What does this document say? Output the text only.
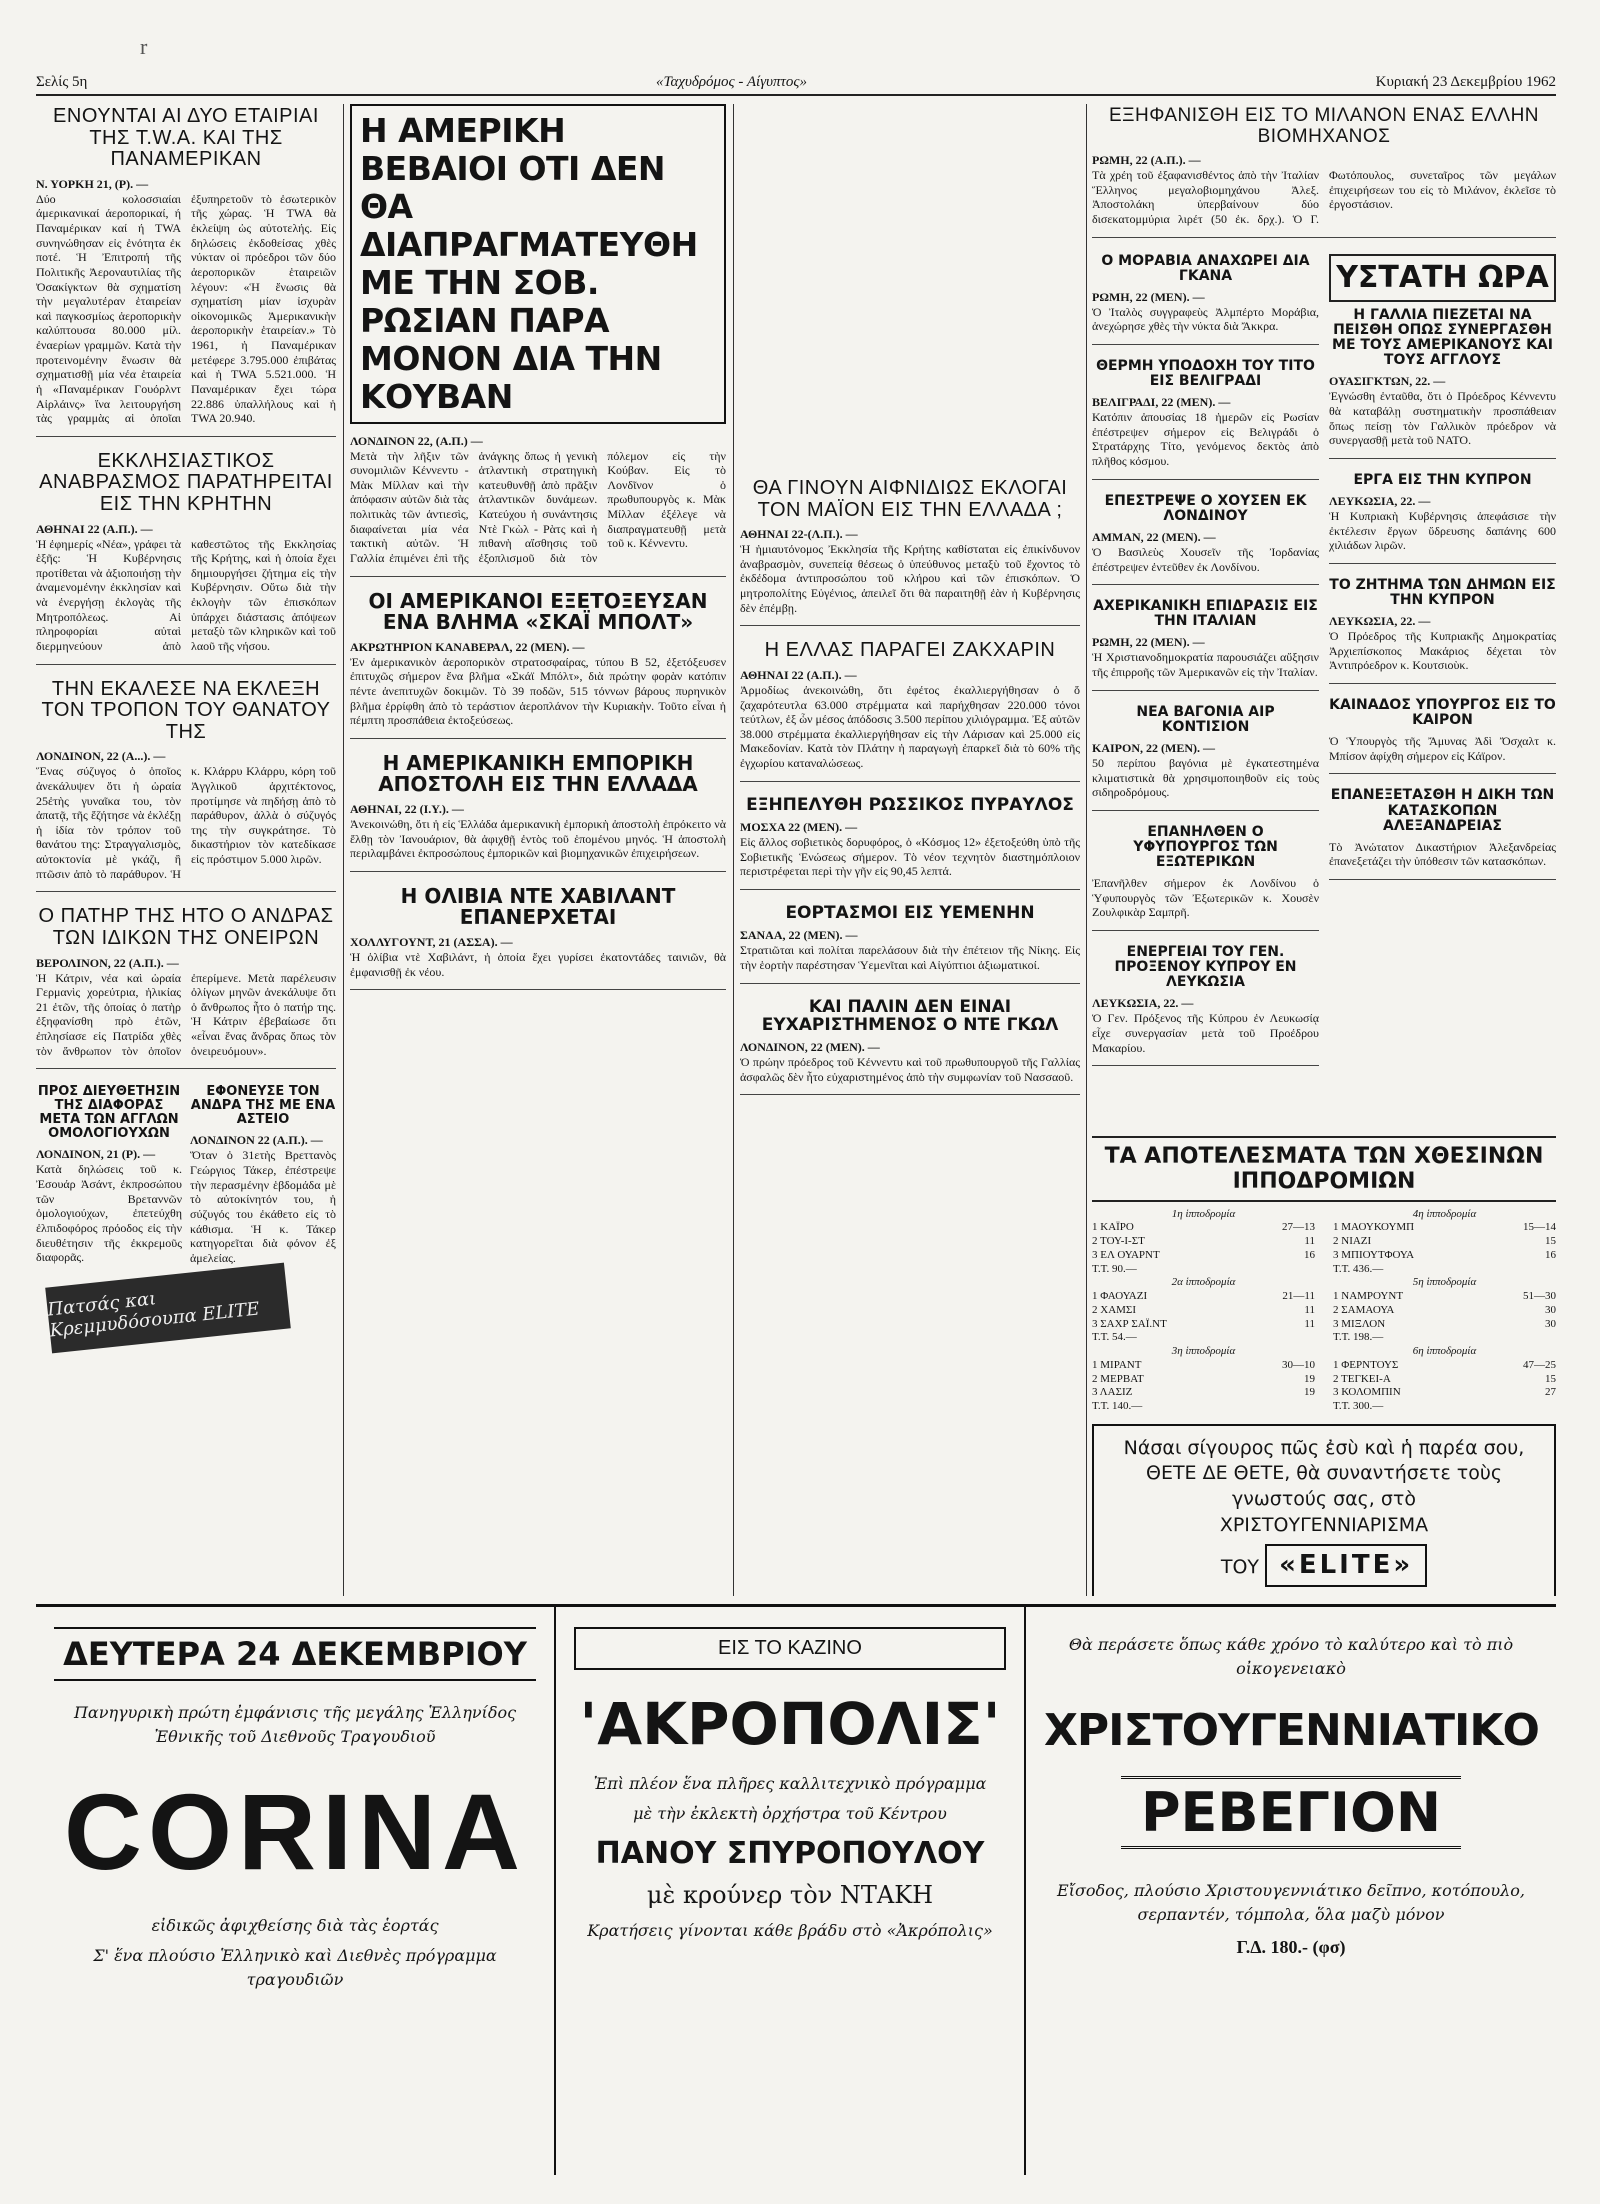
r
Σελίς 5η	«Ταχυδρόμος - Αίγυπτος»	Κυριακή 23 Δεκεμβρίου 1962
ΕΝΟΥΝΤΑΙ ΑΙ ΔΥΟ ΕΤΑΙΡΙΑΙ ΤΗΣ T.W.A. ΚΑΙ ΤΗΣ ΠΑΝΑΜΕΡΙΚΑΝ
Ν. ΥΟΡΚΗ 21, (Ρ). —
Δύο κολοσσιαίαι άμερικανικαί άεροπορικαί, ή Παναμέρικαν καί ή TWA συνηνώθησαν εἰς ἑνότητα ἐκ ποτέ. Ἡ Ἐπιτροπή τῆς Πολιτικῆς Ἀεροναυτιλίας τῆς Ὀσακίγκτων θὰ σχηματίση τὴν μεγαλυτέραν ἑταιρείαν καὶ παγκοσμίως ἀεροπορικὴν καλύπτουσα 80.000 μίλ. ἐναερίων γραμμῶν. Κατὰ τὴν προτεινομένην ἕνωσιν θὰ σχηματισθῇ μία νέα ἑταιρεία ἡ «Παναμέρικαν Γουόρλντ Αἰρλάινς» ἵνα λειτουργήση τὰς γραμμὰς αἱ ὁποῖαι ἐξυπηρετοῦν τὸ ἐσωτερικὸν τῆς χώρας. Ἡ TWA θὰ ἐκλείψη ὡς αὐτοτελής. Εἰς δηλώσεις ἐκδοθείσας χθὲς νύκταν οἱ πρόεδροι τῶν δύο ἀεροπορικῶν ἑταιρειῶν λέγουν: «Ἡ ἕνωσις θὰ σχηματίση μίαν ἰσχυρὰν οἰκονομικῶς Ἀμερικανικὴν ἀεροπορικὴν ἑταιρείαν.» Τὸ 1961, ἡ Παναμέρικαν μετέφερε 3.795.000 ἐπιβάτας καὶ ἡ TWA 5.521.000. Ἡ Παναμέρικαν ἔχει τώρα 22.886 ὑπαλλήλους καὶ ἡ TWA 20.940.
ΕΚΚΛΗΣΙΑΣΤΙΚΟΣ ΑΝΑΒΡΑΣΜΟΣ ΠΑΡΑΤΗΡΕΙΤΑΙ ΕΙΣ ΤΗΝ ΚΡΗΤΗΝ
ΑΘΗΝΑΙ 22 (Α.Π.). —
Ἡ ἐφημερίς «Νέα», γράφει τὰ ἑξῆς: Ἡ Κυβέρνησις προτίθεται νὰ ἀξιοποιήσῃ τὴν ἀναμενομένην ἐκκλησίαν καὶ νὰ ἐνεργήσῃ ἐκλογὰς τῆς Μητροπόλεως. Αἱ πληροφορίαι αὐταὶ διερμηνεύουν ἀπὸ καθεστῶτος τῆς Εκκλησίας τῆς Κρήτης, καὶ ἡ ὁποία ἔχει δημιουργήσει ζήτημα εἰς τὴν Κυβέρνησιν. Οὕτω διὰ τὴν ἐκλογὴν τῶν ἐπισκόπων ὑπάρχει διάστασις ἀπόψεων μεταξὺ τῶν κληρικῶν καὶ τοῦ λαοῦ τῆς νήσου.
ΤΗΝ ΕΚΑΛΕΣΕ ΝΑ ΕΚΛΕΞΗ ΤΟΝ ΤΡΟΠΟΝ ΤΟΥ ΘΑΝΑΤΟΥ ΤΗΣ
ΛΟΝΔΙΝΟΝ, 22 (Α...). —
Ἕνας σύζυγος ὁ ὁποῖος ἀνεκάλυψεν ὅτι ἡ ὡραία 25ἐτὴς γυναῖκα του, τὸν ἀπατᾷ, τῆς ἔζήτησε νὰ ἐκλέξῃ ἡ ἰδία τὸν τρόπον τοῦ θανάτου της: Στραγγαλισμὸς, αὐτοκτονία μὲ γκάζι, ἢ πτῶσιν ἀπὸ τὸ παράθυρον. Ἡ κ. Κλάρρυ Κλάρρυ, κόρη τοῦ Ἀγγλικοῦ ἀρχιτέκτονος, προτίμησε νὰ πηδήσῃ ἀπὸ τὸ παράθυρον, ἀλλὰ ὁ σύζυγός της τὴν συγκράτησε. Τὸ δικαστήριον τὸν κατεδίκασε εἰς πρόστιμον 5.000 λιρῶν.
Ο ΠΑΤΗΡ ΤΗΣ ΗΤΟ Ο ΑΝΔΡΑΣ ΤΩΝ ΙΔΙΚΩΝ ΤΗΣ ΟΝΕΙΡΩΝ
ΒΕΡΟΛΙΝΟΝ, 22 (Α.Π.). —
Ἡ Κάτριν, νέα καὶ ὡραία Γερμανὶς χορεύτρια, ἡλικίας 21 ἐτῶν, τῆς ὁποίας ὁ πατὴρ ἐξηφανίσθη πρὸ ἐτῶν, ἐπλησίασε εἰς Πατρίδα χθὲς τὸν ἄνθρωπον τὸν ὁποῖον ἐπερίμενε. Μετὰ παρέλευσιν ὀλίγων μηνῶν ἀνεκάλυψε ὅτι ὁ ἄνθρωπος ἦτο ὁ πατήρ της. Ἡ Κάτριν ἐβεβαίωσε ὅτι «εἶναι ἕνας ἄνδρας ὅπως τὸν ὀνειρευόμουν».
ΠΡΟΣ ΔΙΕΥΘΕΤΗΣΙΝ ΤΗΣ ΔΙΑΦΟΡΑΣ ΜΕΤΑ ΤΩΝ ΑΓΓΛΩΝ ΟΜΟΛΟΓΙΟΥΧΩΝ
ΛΟΝΔΙΝΟΝ, 21 (Ρ). —
Κατὰ δηλώσεις τοῦ κ. Ἐσουάρ Ἀσάντ, ἐκπροσώπου τῶν Βρεταννῶν ὁμολογιούχων, ἐπετεύχθη ἐλπιδοφόρος πρόοδος εἰς τὴν διευθέτησιν τῆς ἐκκρεμοῦς διαφορᾶς.
ΕΦΟΝΕΥΣΕ ΤΟΝ ΑΝΔΡΑ ΤΗΣ ΜΕ ΕΝΑ ΑΣΤΕΙΟ
ΛΟΝΔΙΝΟΝ 22 (Α.Π.). —
Ὅταν ὁ 31ετὴς Βρεττανὸς Γεώργιος Τάκερ, ἐπέστρεψε τὴν περασμένην ἑβδομάδα μὲ τὸ αὐτοκίνητόν του, ἡ σύζυγός του ἐκάθετο εἰς τὸ κάθισμα. Ἡ κ. Τάκερ κατηγορεῖται διὰ φόνον ἐξ ἀμελείας.
Πατσάς και Κρεμμυδόσουπα ELITE
Η ΑΜΕΡΙΚΗ ΒΕΒΑΙΟΙ ΟΤΙ ΔΕΝ ΘΑ ΔΙΑΠΡΑΓΜΑΤΕΥΘΗ ΜΕ ΤΗΝ ΣΟΒ. ΡΩΣΙΑΝ ΠΑΡΑ ΜΟΝΟΝ ΔΙΑ ΤΗΝ ΚΟΥΒΑΝ
ΛΟΝΔΙΝΟΝ 22, (Α.Π.) —
Μετὰ τὴν λῆξιν τῶν συνομιλιῶν Κέννεντυ - Μὰκ Μίλλαν καὶ τὴν ἀπόφασιν αὐτῶν διὰ τὰς πολιτικὰς τῶν ἀντιεσὶς, διαφαίνεται μία νέα τακτικὴ αὐτῶν. Ἡ Γαλλία ἐπιμένει ἐπὶ τῆς ἀνάγκης ὅπως ἡ γενικὴ ἀτλαντικὴ στρατηγικὴ κατευθυνθῇ ἀπὸ πρᾶξιν ἀτλαντικῶν δυνάμεων. Κατεύχου ἡ συνάντησις Ντὲ Γκὼλ - Ρὰτς καὶ ἡ πιθανὴ αἴσθησις τοῦ ἐξοπλισμοῦ διὰ τὸν πόλεμον εἰς τὴν Κούβαν. Εἰς τὸ Λονδῖνον ὁ πρωθυπουργὸς κ. Μὰκ Μίλλαν ἐξέλεγε νὰ διαπραγματευθῇ μετὰ τοῦ κ. Κέννεντυ.
ΟΙ ΑΜΕΡΙΚΑΝΟΙ ΕΞΕΤΟΞΕΥΣΑΝ ΕΝΑ ΒΛΗΜΑ «ΣΚΑΪ ΜΠΟΛΤ»
ΑΚΡΩΤΗΡΙΟΝ ΚΑΝΑΒΕΡΑΛ, 22 (ΜΕΝ). —
Ἐν ἀμερικανικὸν ἀεροπορικὸν στρατοσφαίρας, τύπου Β 52, ἐξετόξευσεν ἐπιτυχῶς σήμερον ἕνα βλῆμα «Σκάϊ Μπόλτ», διὰ πρώτην φορὰν κατόπιν πέντε ἀνεπιτυχῶν δοκιμῶν. Τὸ 39 ποδῶν, 515 τόννων βάρους πυρηνικὸν βλῆμα ἐρρίφθη ἀπὸ τὸ τεράστιον ἀεροπλάνον τὴν Κυριακὴν. Τοῦτο εἶναι ἡ πέμπτη προσπάθεια ἐκτοξεύσεως.
Η ΑΜΕΡΙΚΑΝΙΚΗ ΕΜΠΟΡΙΚΗ ΑΠΟΣΤΟΛΗ ΕΙΣ ΤΗΝ ΕΛΛΑΔΑ
ΑΘΗΝΑΙ, 22 (Ι.Υ.). —
Ἀνεκοινώθη, ὅτι ἡ εἰς Ἑλλάδα ἀμερικανικὴ ἐμπορικὴ ἀποστολὴ ἐπρόκειτο νὰ ἔλθῃ τὸν Ἰανουάριον, θὰ ἀφιχθῇ ἐντὸς τοῦ ἑπομένου μηνός. Ἡ ἀποστολὴ περιλαμβάνει ἐκπροσώπους ἐμπορικῶν καὶ βιομηχανικῶν ἐπιχειρήσεων.
Η ΟΛΙΒΙΑ ΝΤΕ ΧΑΒΙΛΑΝΤ ΕΠΑΝΕΡΧΕΤΑΙ
ΧΟΛΛΥΓΟΥΝΤ, 21 (ΑΣΣΑ). —
Ἡ ὀλίβια ντὲ Χαβιλάντ, ἡ ὁποία ἔχει γυρίσει ἐκατοντάδες ταινιῶν, θὰ ἐμφανισθῇ ἐκ νέου.
ΘΑ ΓΙΝΟΥΝ ΑΙΦΝΙΔΙΩΣ ΕΚΛΟΓΑΙ ΤΟΝ ΜΑΪΟΝ ΕΙΣ ΤΗΝ ΕΛΛΑΔΑ ;
ΑΘΗΝΑΙ 22-(Λ.Π.). —
Ἡ ἡμιαυτόνομος Ἐκκλησία τῆς Κρήτης καθίσταται εἰς ἐπικίνδυνον ἀναβρασμὸν, συνεπείᾳ θέσεως ὁ ὑπεύθυνος μεταξὺ τοῦ ἔχοντος τὸ ἐκδέδομα ἀντιπροσώπου τοῦ κλήρου καὶ τῶν ἐπισκόπων. Ὁ μητροπολίτης Εὐγένιος, ἀπειλεῖ ὅτι θὰ παραιτηθῇ ἐὰν ἡ Κυβέρνησις δὲν ἐπέμβῃ.
Η ΕΛΛΑΣ ΠΑΡΑΓΕΙ ΖΑΚΧΑΡΙΝ
ΑΘΗΝΑΙ 22 (Α.Π.). —
Ἀρμοδίως ἀνεκοινώθη, ὅτι ἐφέτος ἐκαλλιεργήθησαν ὁ ὅ ζαχαρότευτλα 63.000 στρέμματα καὶ παρήχθησαν 220.000 τόνοι τεύτλων, ἐξ ὧν μέσος ἀπόδοσις 3.500 περίπου χιλιόγραμμα. Ἐξ αὐτῶν 38.000 στρέμματα ἐκαλλιεργήθησαν εἰς τὴν Λάρισαν καὶ 25.000 εἰς Μακεδονίαν. Κατὰ τὸν Πλάτην ἡ παραγωγὴ ἐπαρκεῖ διὰ τὸ 60% τῆς ἐγχωρίου καταναλώσεως.
ΕΞΗΠΕΛΥΘΗ ΡΩΣΣΙΚΟΣ ΠΥΡΑΥΛΟΣ
ΜΟΣΧΑ 22 (ΜΕΝ). —
Εἰς ἄλλος σοβιετικὸς δορυφόρος, ὁ «Κόσμος 12» ἐξετοξεύθη ὑπὸ τῆς Σοβιετικῆς Ἑνώσεως σήμερον. Τὸ νέον τεχνητὸν διαστημόπλοιον περιστρέφεται περὶ τὴν γῆν εἰς 90,45 λεπτά.
ΕΟΡΤΑΣΜΟΙ ΕΙΣ ΥΕΜΕΝΗΝ
ΣΑΝΑΑ, 22 (ΜΕΝ). —
Στρατιῶται καὶ πολίται παρελάσουν διὰ τὴν ἐπέτειον τῆς Νίκης. Εἰς τὴν ἑορτὴν παρέστησαν Ὑεμενῖται καὶ Αἰγύπτιοι ἀξιωματικοί.
ΚΑΙ ΠΑΛΙΝ ΔΕΝ ΕΙΝΑΙ ΕΥΧΑΡΙΣΤΗΜΕΝΟΣ Ο ΝΤΕ ΓΚΩΛ
ΛΟΝΔΙΝΟΝ, 22 (ΜΕΝ). —
Ὁ πρώην πρόεδρος τοῦ Κέννεντυ καὶ τοῦ πρωθυπουργοῦ τῆς Γαλλίας ἀσφαλῶς δὲν ἦτο εὐχαριστημένος ἀπὸ τὴν συμφωνίαν τοῦ Νασσαοῦ.
ΕΞΗΦΑΝΙΣΘΗ ΕΙΣ ΤΟ ΜΙΛΑΝΟΝ ΕΝΑΣ ΕΛΛΗΝ ΒΙΟΜΗΧΑΝΟΣ
ΡΩΜΗ, 22 (Α.Π.). —
Τὰ χρέη τοῦ ἐξαφανισθέντος ἀπὸ τὴν Ἰταλίαν Ἕλληνος μεγαλοβιομηχάνου Ἀλεξ. Ἀποστολάκη ὑπερβαίνουν δύο δισεκατομμύρια λιρέτ (50 ἐκ. δρχ.). Ὁ Γ. Φωτόπουλος, συνεταῖρος τῶν μεγάλων ἐπιχειρήσεων του εἰς τὸ Μιλάνον, ἐκλεῖσε τὸ ἐργοστάσιον.
Ο ΜΟΡΑΒΙΑ ΑΝΑΧΩΡΕΙ ΔΙΑ ΓΚΑΝΑ
ΡΩΜΗ, 22 (ΜΕΝ). —
Ὁ Ἰταλὸς συγγραφεὺς Ἀλμπέρτο Μοράβια, ἀνεχώρησε χθὲς τὴν νύκτα διὰ Ἄκκρα.
ΘΕΡΜΗ ΥΠΟΔΟΧΗ ΤΟΥ ΤΙΤΟ ΕΙΣ ΒΕΛΙΓΡΑΔΙ
ΒΕΛΙΓΡΑΔΙ, 22 (ΜΕΝ). —
Κατόπιν ἀπουσίας 18 ἡμερῶν εἰς Ρωσίαν ἐπέστρεψεν σήμερον εἰς Βελιγράδι ὁ Στρατάρχης Τίτο, γενόμενος δεκτὸς ἀπὸ πλῆθος κόσμου.
ΕΠΕΣΤΡΕΨΕ Ο ΧΟΥΣΕΝ ΕΚ ΛΟΝΔΙΝΟΥ
ΑΜΜΑΝ, 22 (ΜΕΝ). —
Ὁ Βασιλεὺς Χουσεῖν τῆς Ἰορδανίας ἐπέστρεψεν ἐντεῦθεν ἐκ Λονδίνου.
ΑΧΕΡΙΚΑΝΙΚΗ ΕΠΙΔΡΑΣΙΣ ΕΙΣ ΤΗΝ ΙΤΑΛΙΑΝ
ΡΩΜΗ, 22 (ΜΕΝ). —
Ἡ Χριστιανοδημοκρατία παρουσιάζει αὔξησιν τῆς ἐπιρροῆς τῶν Ἀμερικανῶν εἰς τὴν Ἰταλίαν.
ΝΕΑ ΒΑΓΟΝΙΑ ΑΙΡ ΚΟΝΤΙΣΙΟΝ
ΚΑΙΡΟΝ, 22 (ΜΕΝ). —
50 περίπου βαγόνια μὲ ἐγκατεστημένα κλιματιστικὰ θὰ χρησιμοποιηθοῦν εἰς τοὺς σιδηροδρόμους.
ΕΠΑΝΗΛΘΕΝ Ο ΥΦΥΠΟΥΡΓΟΣ ΤΩΝ ΕΞΩΤΕΡΙΚΩΝ
Ἐπανῆλθεν σήμερον ἐκ Λονδίνου ὁ Ὑφυπουργὸς τῶν Ἐξωτερικῶν κ. Χουσὲν Ζουλφικὰρ Σαμπρῆ.
ΕΝΕΡΓΕΙΑΙ ΤΟΥ ΓΕΝ. ΠΡΟΞΕΝΟΥ ΚΥΠΡΟΥ ΕΝ ΛΕΥΚΩΣΙΑ
ΛΕΥΚΩΣΙΑ, 22. —
Ὁ Γεν. Πρόξενος τῆς Κύπρου ἐν Λευκωσίᾳ εἶχε συνεργασίαν μετὰ τοῦ Προέδρου Μακαρίου.
ΥΣΤΑΤΗ ΩΡΑ
Η ΓΑΛΛΙΑ ΠΙΕΖΕΤΑΙ ΝΑ ΠΕΙΣΘΗ ΟΠΩΣ ΣΥΝΕΡΓΑΣΘΗ ΜΕ ΤΟΥΣ ΑΜΕΡΙΚΑΝΟΥΣ ΚΑΙ ΤΟΥΣ ΑΓΓΛΟΥΣ
ΟΥΑΣΙΓΚΤΩΝ, 22. —
Ἐγνώσθη ἐνταῦθα, ὅτι ὁ Πρόεδρος Κέννεντυ θὰ καταβάλῃ συστηματικὴν προσπάθειαν ὅπως πείσῃ τὸν Γαλλικὸν πρόεδρον νὰ συνεργασθῇ μετὰ τοῦ NATO.
ΕΡΓΑ ΕΙΣ ΤΗΝ ΚΥΠΡΟΝ
ΛΕΥΚΩΣΙΑ, 22. —
Ἡ Κυπριακὴ Κυβέρνησις ἀπεφάσισε τὴν ἐκτέλεσιν ἔργων ὕδρευσης δαπάνης 600 χιλιάδων λιρῶν.
ΤΟ ΖΗΤΗΜΑ ΤΩΝ ΔΗΜΩΝ ΕΙΣ ΤΗΝ ΚΥΠΡΟΝ
ΛΕΥΚΩΣΙΑ, 22. —
Ὁ Πρόεδρος τῆς Κυπριακῆς Δημοκρατίας Ἀρχιεπίσκοπος Μακάριος δέχεται τὸν Ἀντιπρόεδρον κ. Κουτσιοὺκ.
ΚΑΙΝΑΔΟΣ ΥΠΟΥΡΓΟΣ ΕΙΣ ΤΟ ΚΑΙΡΟΝ
Ὁ Ὑπουργὸς τῆς Ἄμυνας Ἀδὶ Ὄσχαλτ κ. Μπίσον ἀφίχθη σήμερον εἰς Κάϊρον.
ΕΠΑΝΕΞΕΤΑΣΘΗ Η ΔΙΚΗ ΤΩΝ ΚΑΤΑΣΚΟΠΩΝ ΑΛΕΞΑΝΔΡΕΙΑΣ
Τὸ Ἀνώτατον Δικαστήριον Ἀλεξανδρείας ἐπανεξετάζει τὴν ὑπόθεσιν τῶν κατασκόπων.
ΤΑ ΑΠΟΤΕΛΕΣΜΑΤΑ ΤΩΝ ΧΘΕΣΙΝΩΝ ΙΠΠΟΔΡΟΜΙΩΝ
1η ἱπποδρομία
1 ΚΑΪΡΟ	27—13
2 ΤΟΥ-Ι-ΣΤ	11
3 ΕΛ ΟΥΑΡΝΤ	16
Τ.Τ. 90.—
2α ἱπποδρομία
1 ΦΑΟΥΑΖΙ	21—11
2 ΧΑΜΣΙ	11
3 ΣΑΧΡ ΣΑΪ.ΝΤ	11
Τ.Τ. 54.—
3η ἱπποδρομία
1 ΜΙΡΑΝΤ	30—10
2 ΜΕΡΒΑΤ	19
3 ΛΑΣΙΖ	19
Τ.Τ. 140.—
4η ἱπποδρομία
1 ΜΑΟΥΚΟΥΜΠ	15—14
2 ΝΙΑΖΙ	15
3 ΜΠΙΟΥΤΦΟΥΑ	16
Τ.Τ. 436.—
5η ἱπποδρομία
1 ΝΑΜΡΟΥΝΤ	51—30
2 ΣΑΜΑΟΥΑ	30
3 ΜΙΞΛΟΝ	30
Τ.Τ. 198.—
6η ἱπποδρομία
1 ΦΕΡΝΤΟΥΣ	47—25
2 ΤΕΓΚΕΙ-Α	15
3 ΚΟΛΟΜΠΙΝ	27
Τ.Τ. 300.—
Νάσαι σίγουρος πῶς ἐσὺ καὶ ἡ παρέα σου, ΘΕΤΕ ΔΕ ΘΕΤΕ, θὰ συναντήσετε τοὺς γνωστούς σας, στὸ
ΧΡΙΣΤΟΥΓΕΝΝΙΑΡΙΣΜΑ
ΤΟΥ «ELITE»
ΔΕΥΤΕΡΑ 24 ΔΕΚΕΜΒΡΙΟΥ
Πανηγυρικὴ πρώτη ἐμφάνισις τῆς μεγάλης Ἑλληνίδος Ἐθνικῆς τοῦ Διεθνοῦς Τραγουδιοῦ
CORINA
εἰδικῶς ἀφιχθείσης διὰ τὰς ἑορτάς
Σ' ἕνα πλούσιο Ἑλληνικὸ καὶ Διεθνὲς πρόγραμμα τραγουδιῶν
ΕΙΣ ΤΟ ΚΑΖΙΝΟ
'ΑΚΡΟΠΟΛΙΣ'
Ἐπὶ πλέον ἕνα πλῆρες καλλιτεχνικὸ πρόγραμμα
μὲ τὴν ἐκλεκτὴ ὀρχήστρα τοῦ Κέντρου
ΠΑΝΟΥ ΣΠΥΡΟΠΟΥΛΟΥ
μὲ κρούνερ τὸν ΝΤΑΚΗ
Κρατήσεις γίνονται κάθε βράδυ στὸ «Ἀκρόπολις»
Θὰ περάσετε ὅπως κάθε χρόνο τὸ καλύτερο καὶ τὸ πιὸ οἰκογενειακὸ
ΧΡΙΣΤΟΥΓΕΝΝΙΑΤΙΚΟ
ΡΕΒΕΓΙΟΝ
Εἴσοδος, πλούσιο Χριστουγεννιάτικο δεῖπνο, κοτόπουλο, σερπαντέν, τόμπολα, ὅλα μαζὺ μόνον
Γ.Δ. 180.- (φσ)
